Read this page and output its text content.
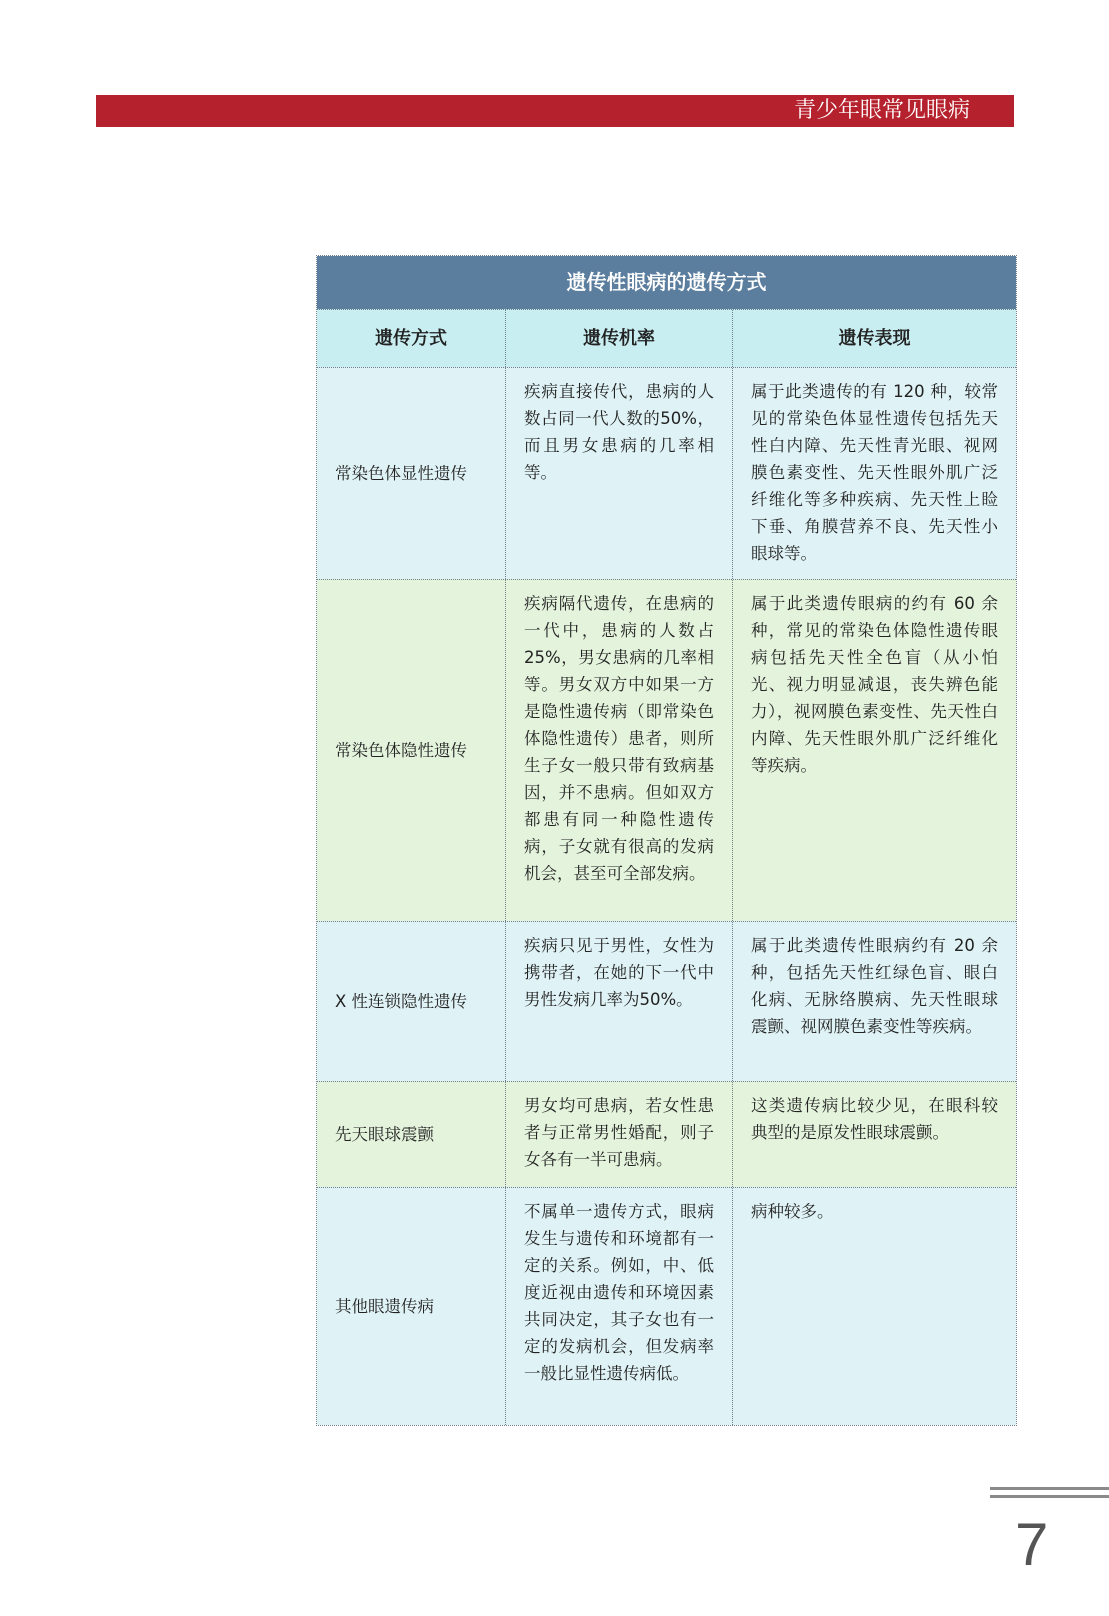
青少年眼常见眼病
遗传性眼病的遗传方式
遗传方式	遗传机率	遗传表现
常染色体显性遗传
疾病直接传代，患病的人数占同一代人数的50%，而且男女患病的几率相等。
属于此类遗传的有 120 种，较常见的常染色体显性遗传包括先天性白内障、先天性青光眼、视网膜色素变性、先天性眼外肌广泛纤维化等多种疾病、先天性上睑下垂、角膜营养不良、先天性小眼球等。
常染色体隐性遗传
疾病隔代遗传，在患病的一代中，患病的人数占 25%，男女患病的几率相等。男女双方中如果一方是隐性遗传病（即常染色体隐性遗传）患者，则所生子女一般只带有致病基因，并不患病。但如双方都患有同一种隐性遗传病，子女就有很高的发病机会，甚至可全部发病。
属于此类遗传眼病的约有 60 余种，常见的常染色体隐性遗传眼病包括先天性全色盲（从小怕光、视力明显减退，丧失辨色能力），视网膜色素变性、先天性白内障、先天性眼外肌广泛纤维化等疾病。
X 性连锁隐性遗传
疾病只见于男性，女性为携带者，在她的下一代中男性发病几率为50%。
属于此类遗传性眼病约有 20 余种，包括先天性红绿色盲、眼白化病、无脉络膜病、先天性眼球震颤、视网膜色素变性等疾病。
先天眼球震颤
男女均可患病，若女性患者与正常男性婚配，则子女各有一半可患病。
这类遗传病比较少见，在眼科较典型的是原发性眼球震颤。
其他眼遗传病
不属单一遗传方式，眼病发生与遗传和环境都有一定的关系。例如，中、低度近视由遗传和环境因素共同决定，其子女也有一定的发病机会，但发病率一般比显性遗传病低。
病种较多。
7
